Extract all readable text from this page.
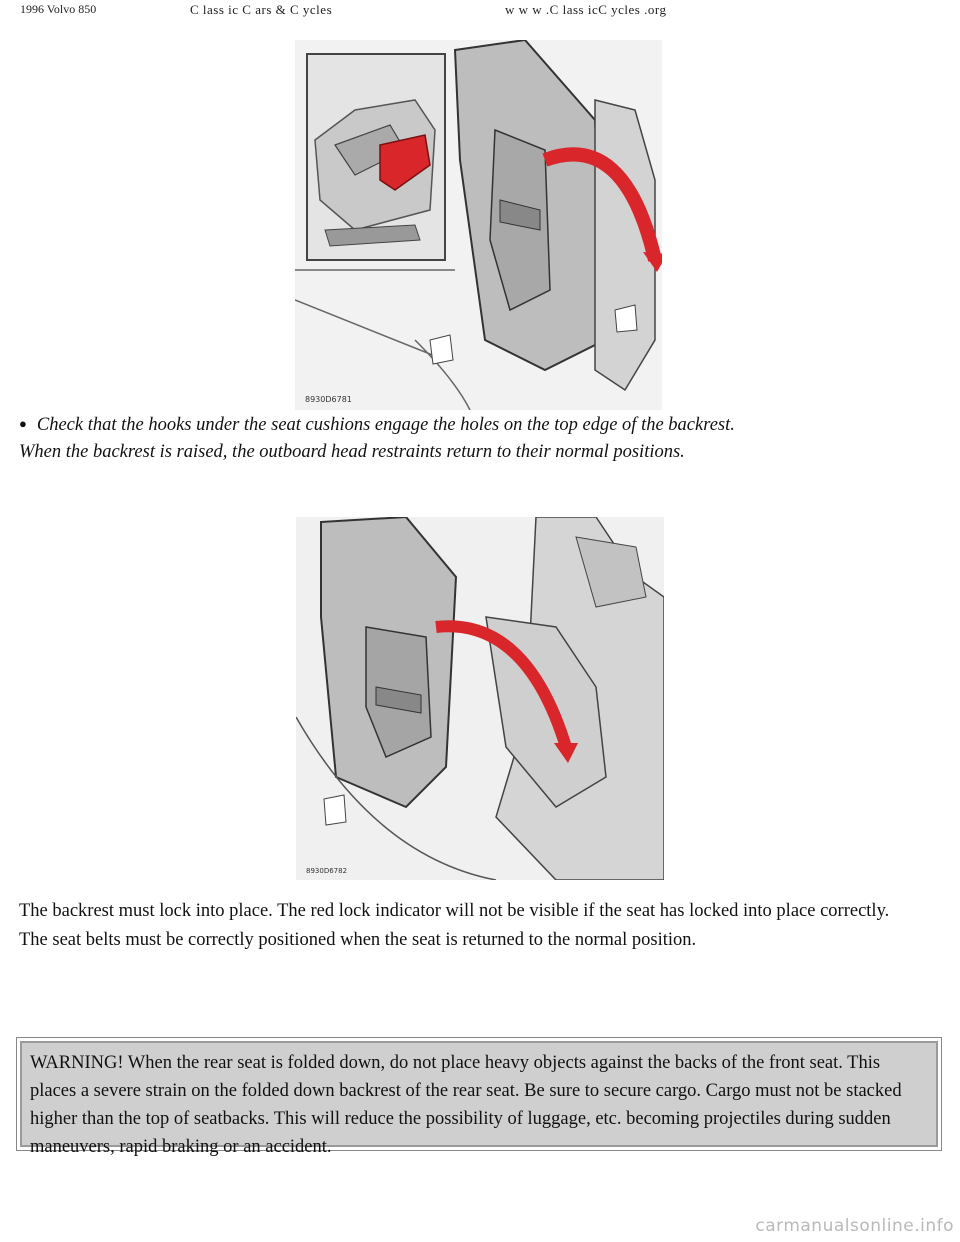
1996 Volvo 850	C lass ic C ars & C ycles	w w w .C lass icC ycles .org
8930D6781
● Check that the hooks under the seat cushions engage the holes on the top edge of the backrest.
When the backrest is raised, the outboard head restraints return to their normal positions.
8930D6782
The backrest must lock into place. The red lock indicator will not be visible if the seat has locked into place correctly.
The seat belts must be correctly positioned when the seat is returned to the normal position.
WARNING! When the rear seat is folded down, do not place heavy objects against the backs of the front seat. This places a severe strain on the folded down backrest of the rear seat. Be sure to secure cargo. Cargo must not be stacked higher than the top of seatbacks. This will reduce the possibility of luggage, etc. becoming projectiles during sudden maneuvers, rapid braking or an accident.
carmanualsonline.info
